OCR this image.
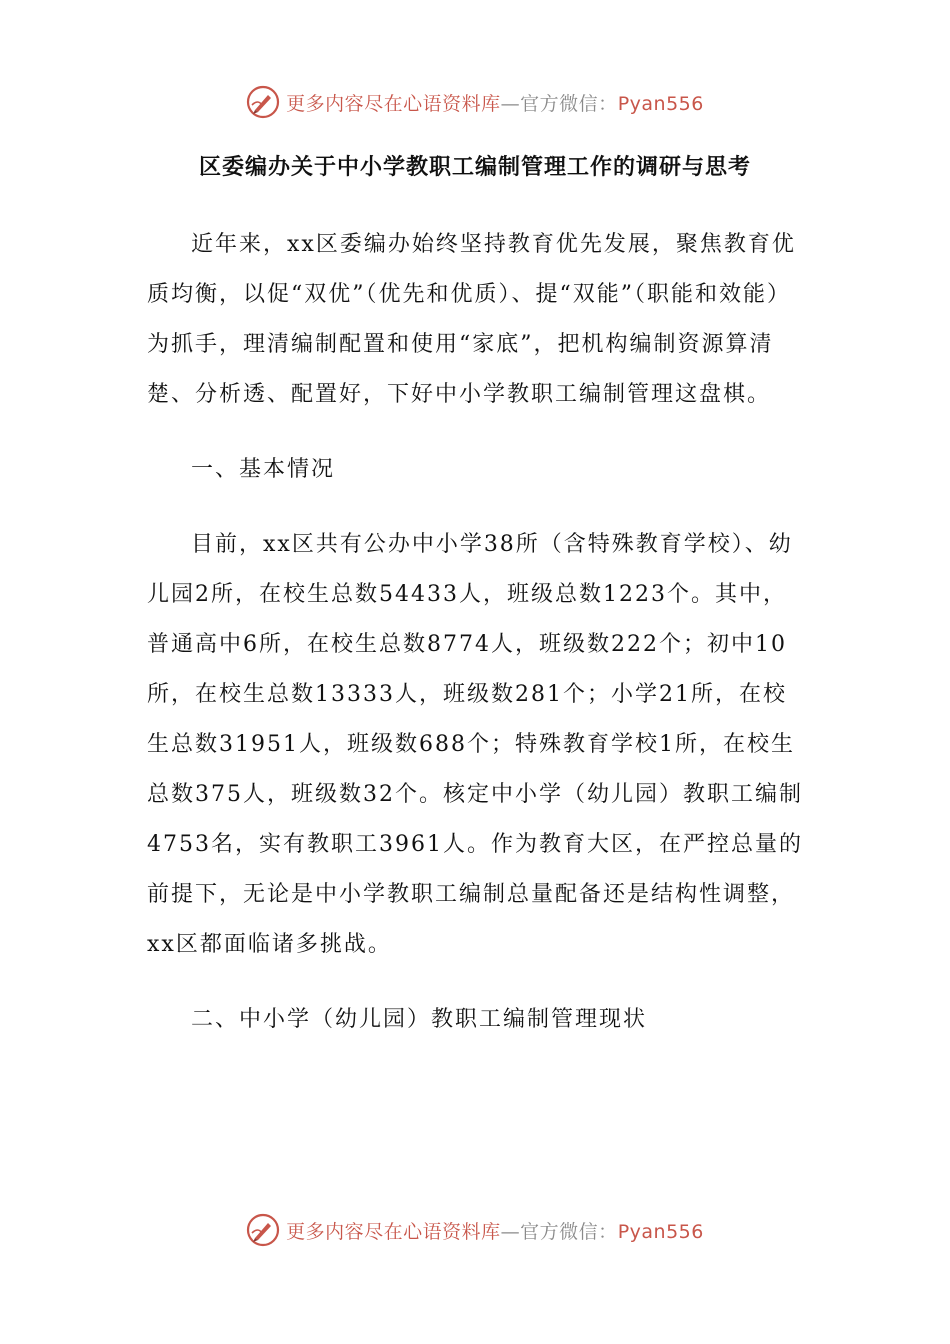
更多内容尽在心语资料库—官方微信：Pyan556
区委编办关于中小学教职工编制管理工作的调研与思考

近年来，xx区委编办始终坚持教育优先发展，聚焦教育优质均衡，以促“双优”（优先和优质）、提“双能”（职能和效能）为抓手，理清编制配置和使用“家底”，把机构编制资源算清楚、分析透、配置好，下好中小学教职工编制管理这盘棋。

一、基本情况

目前，xx区共有公办中小学38所（含特殊教育学校）、幼儿园2所，在校生总数54433人，班级总数1223个。其中，普通高中6所，在校生总数8774人，班级数222个；初中10所，在校生总数13333人，班级数281个；小学21所，在校生总数31951人，班级数688个；特殊教育学校1所，在校生总数375人，班级数32个。核定中小学（幼儿园）教职工编制4753名，实有教职工3961人。作为教育大区，在严控总量的前提下，无论是中小学教职工编制总量配备还是结构性调整，xx区都面临诸多挑战。

二、中小学（幼儿园）教职工编制管理现状

更多内容尽在心语资料库—官方微信：Pyan556
